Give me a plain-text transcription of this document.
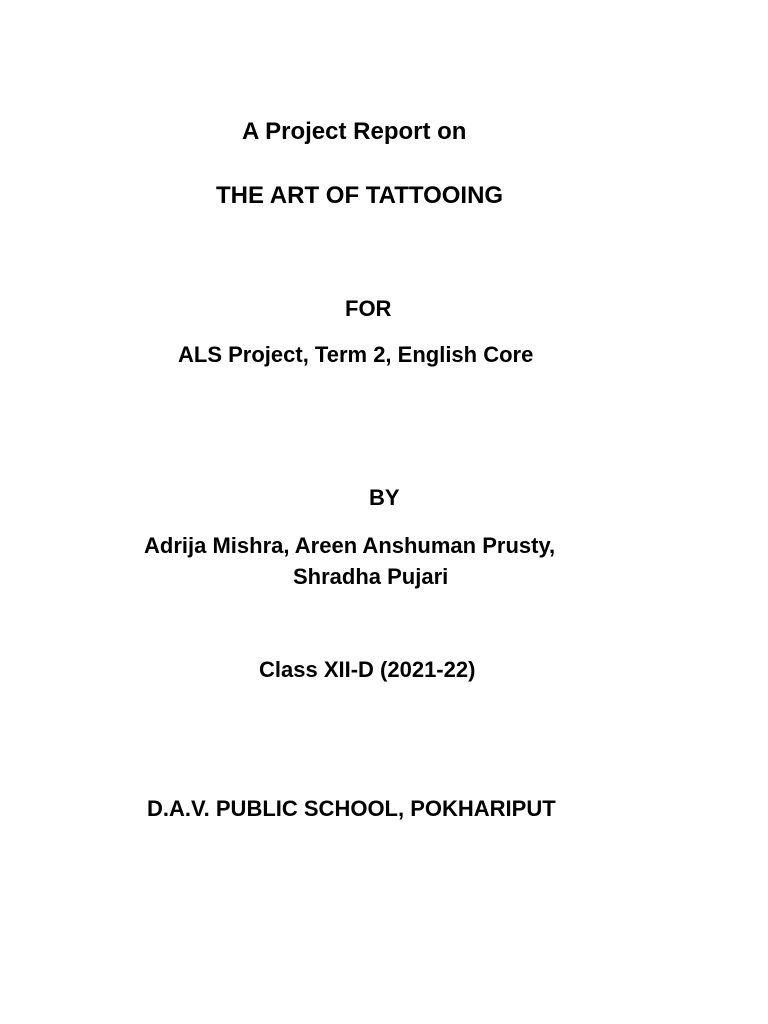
A Project Report on
THE ART OF TATTOOING
FOR
ALS Project, Term 2, English Core
BY
Adrija Mishra, Areen Anshuman Prusty,
Shradha Pujari
Class XII-D (2021-22)
D.A.V. PUBLIC SCHOOL, POKHARIPUT
